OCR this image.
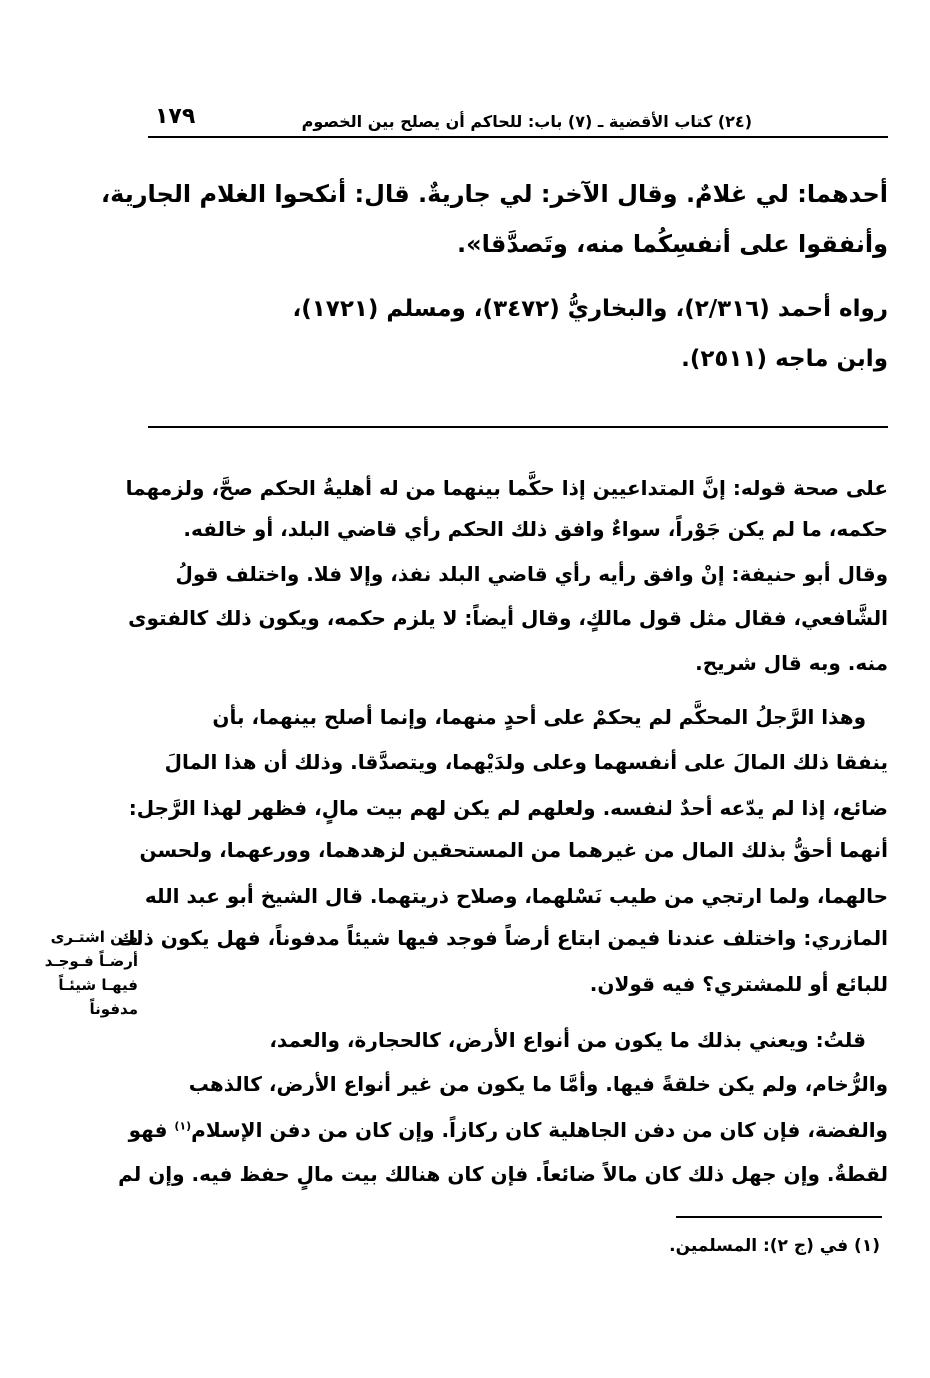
(٢٤) كتاب الأقضية ـ (٧) باب: للحاكم أن يصلح بين الخصوم
١٧٩
أحدهما: لي غلامٌ. وقال الآخر: لي جاريةٌ. قال: أنكحوا الغلام الجارية،
وأنفقوا على أنفسِكُما منه، وتَصدَّقا».
رواه أحمد (٢/٣١٦)، والبخاريُّ (٣٤٧٢)، ومسلم (١٧٢١)،
وابن ماجه (٢٥١١).
على صحة قوله: إنَّ المتداعيين إذا حكَّما بينهما من له أهليةُ الحكم صحَّ، ولزمهما
حكمه، ما لم يكن جَوْراً، سواءٌ وافق ذلك الحكم رأي قاضي البلد، أو خالفه.
وقال أبو حنيفة: إنْ وافق رأيه رأي قاضي البلد نفذ، وإلا فلا. واختلف قولُ
الشَّافعي، فقال مثل قول مالكٍ، وقال أيضاً: لا يلزم حكمه، ويكون ذلك كالفتوى
منه. وبه قال شريح.
وهذا الرَّجلُ المحكَّم لم يحكمْ على أحدٍ منهما، وإنما أصلح بينهما، بأن
ينفقا ذلك المالَ على أنفسهما وعلى ولدَيْهما، ويتصدَّقا. وذلك أن هذا المالَ
ضائع، إذا لم يدّعه أحدٌ لنفسه. ولعلهم لم يكن لهم بيت مالٍ، فظهر لهذا الرَّجل:
أنهما أحقُّ بذلك المال من غيرهما من المستحقين لزهدهما، وورعهما، ولحسن
حالهما، ولما ارتجي من طيب نَسْلهما، وصلاح ذريتهما. قال الشيخ أبو عبد الله
المازري: واختلف عندنا فيمن ابتاع أرضاً فوجد فيها شيئاً مدفوناً، فهل يكون ذلك
للبائع أو للمشتري؟ فيه قولان.
قلتُ: ويعني بذلك ما يكون من أنواع الأرض، كالحجارة، والعمد،
والرُّخام، ولم يكن خلقةً فيها. وأمَّا ما يكون من غير أنواع الأرض، كالذهب
والفضة، فإن كان من دفن الجاهلية كان ركازاً. وإن كان من دفن الإسلام$^{(١)}$ فهو
لقطةٌ. وإن جهل ذلك كان مالاً ضائعاً. فإن كان هنالك بيت مالٍ حفظ فيه. وإن لم
مـن اشتـرى
أرضـاً فـوجـد
فيهـا شيئـاً
مدفوناً
(١) في (ج ٢): المسلمين.
